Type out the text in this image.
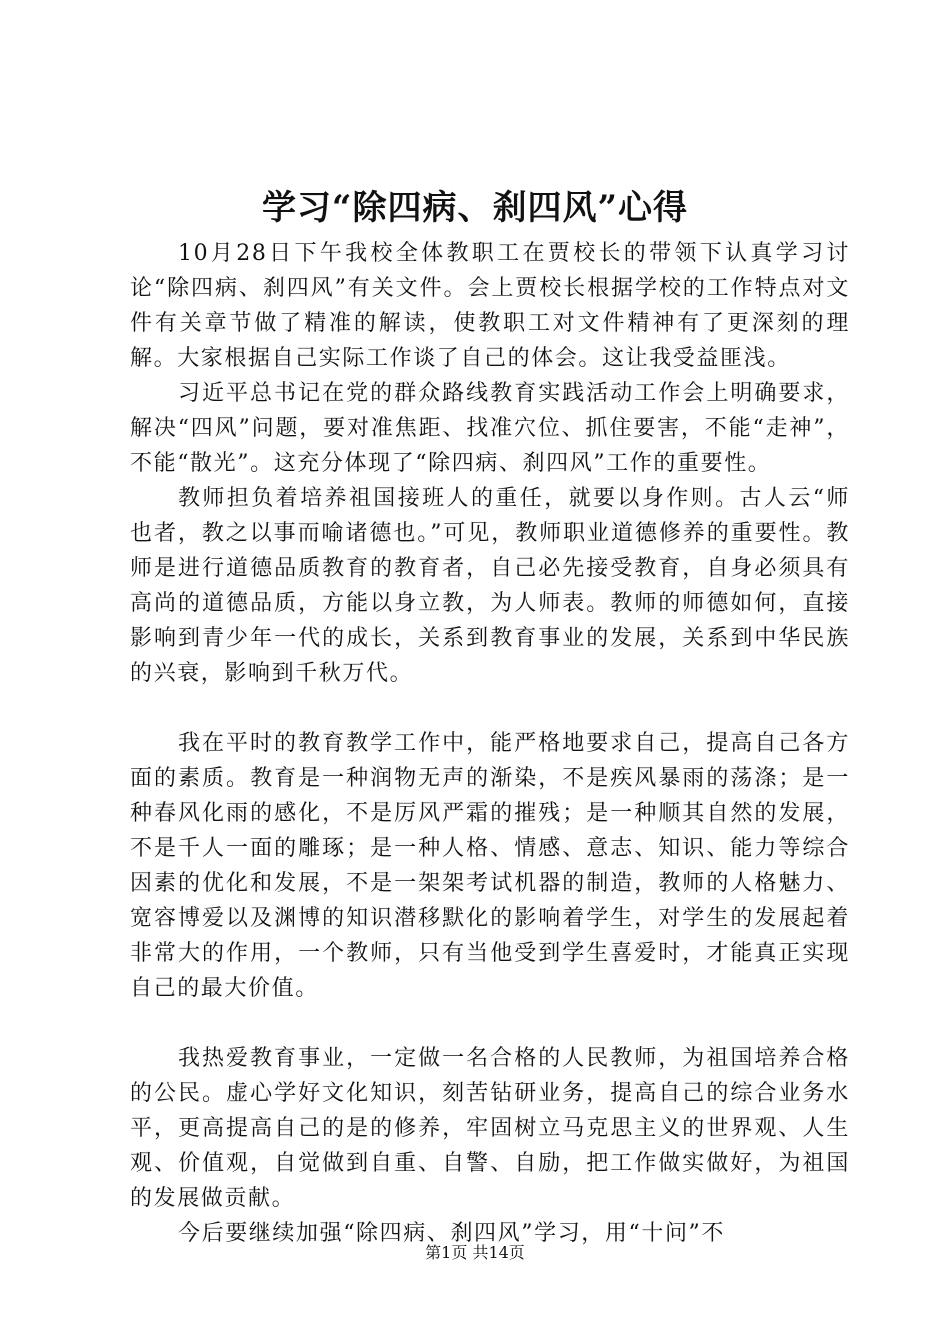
学习“除四病、刹四风”心得

10月28日下午我校全体教职工在贾校长的带领下认真学习讨论“除四病、刹四风”有关文件。会上贾校长根据学校的工作特点对文件有关章节做了精准的解读，使教职工对文件精神有了更深刻的理解。大家根据自己实际工作谈了自己的体会。这让我受益匪浅。

习近平总书记在党的群众路线教育实践活动工作会上明确要求，解决“四风”问题，要对准焦距、找准穴位、抓住要害，不能“走神”，不能“散光”。这充分体现了“除四病、刹四风”工作的重要性。

教师担负着培养祖国接班人的重任，就要以身作则。古人云“师也者，教之以事而喻诸德也。”可见，教师职业道德修养的重要性。教师是进行道德品质教育的教育者，自己必先接受教育，自身必须具有高尚的道德品质，方能以身立教，为人师表。教师的师德如何，直接影响到青少年一代的成长，关系到教育事业的发展，关系到中华民族的兴衰，影响到千秋万代。

我在平时的教育教学工作中，能严格地要求自己，提高自己各方面的素质。教育是一种润物无声的渐染，不是疾风暴雨的荡涤；是一种春风化雨的感化，不是厉风严霜的摧残；是一种顺其自然的发展，不是千人一面的雕琢；是一种人格、情感、意志、知识、能力等综合因素的优化和发展，不是一架架考试机器的制造，教师的人格魅力、宽容博爱以及渊博的知识潜移默化的影响着学生，对学生的发展起着非常大的作用，一个教师，只有当他受到学生喜爱时，才能真正实现自己的最大价值。

我热爱教育事业，一定做一名合格的人民教师，为祖国培养合格的公民。虚心学好文化知识，刻苦钻研业务，提高自己的综合业务水平，更高提高自己的是的修养，牢固树立马克思主义的世界观、人生观、价值观，自觉做到自重、自警、自励，把工作做实做好，为祖国的发展做贡献。

今后要继续加强“除四病、刹四风”学习，用“十问”不

第1页 共14页
